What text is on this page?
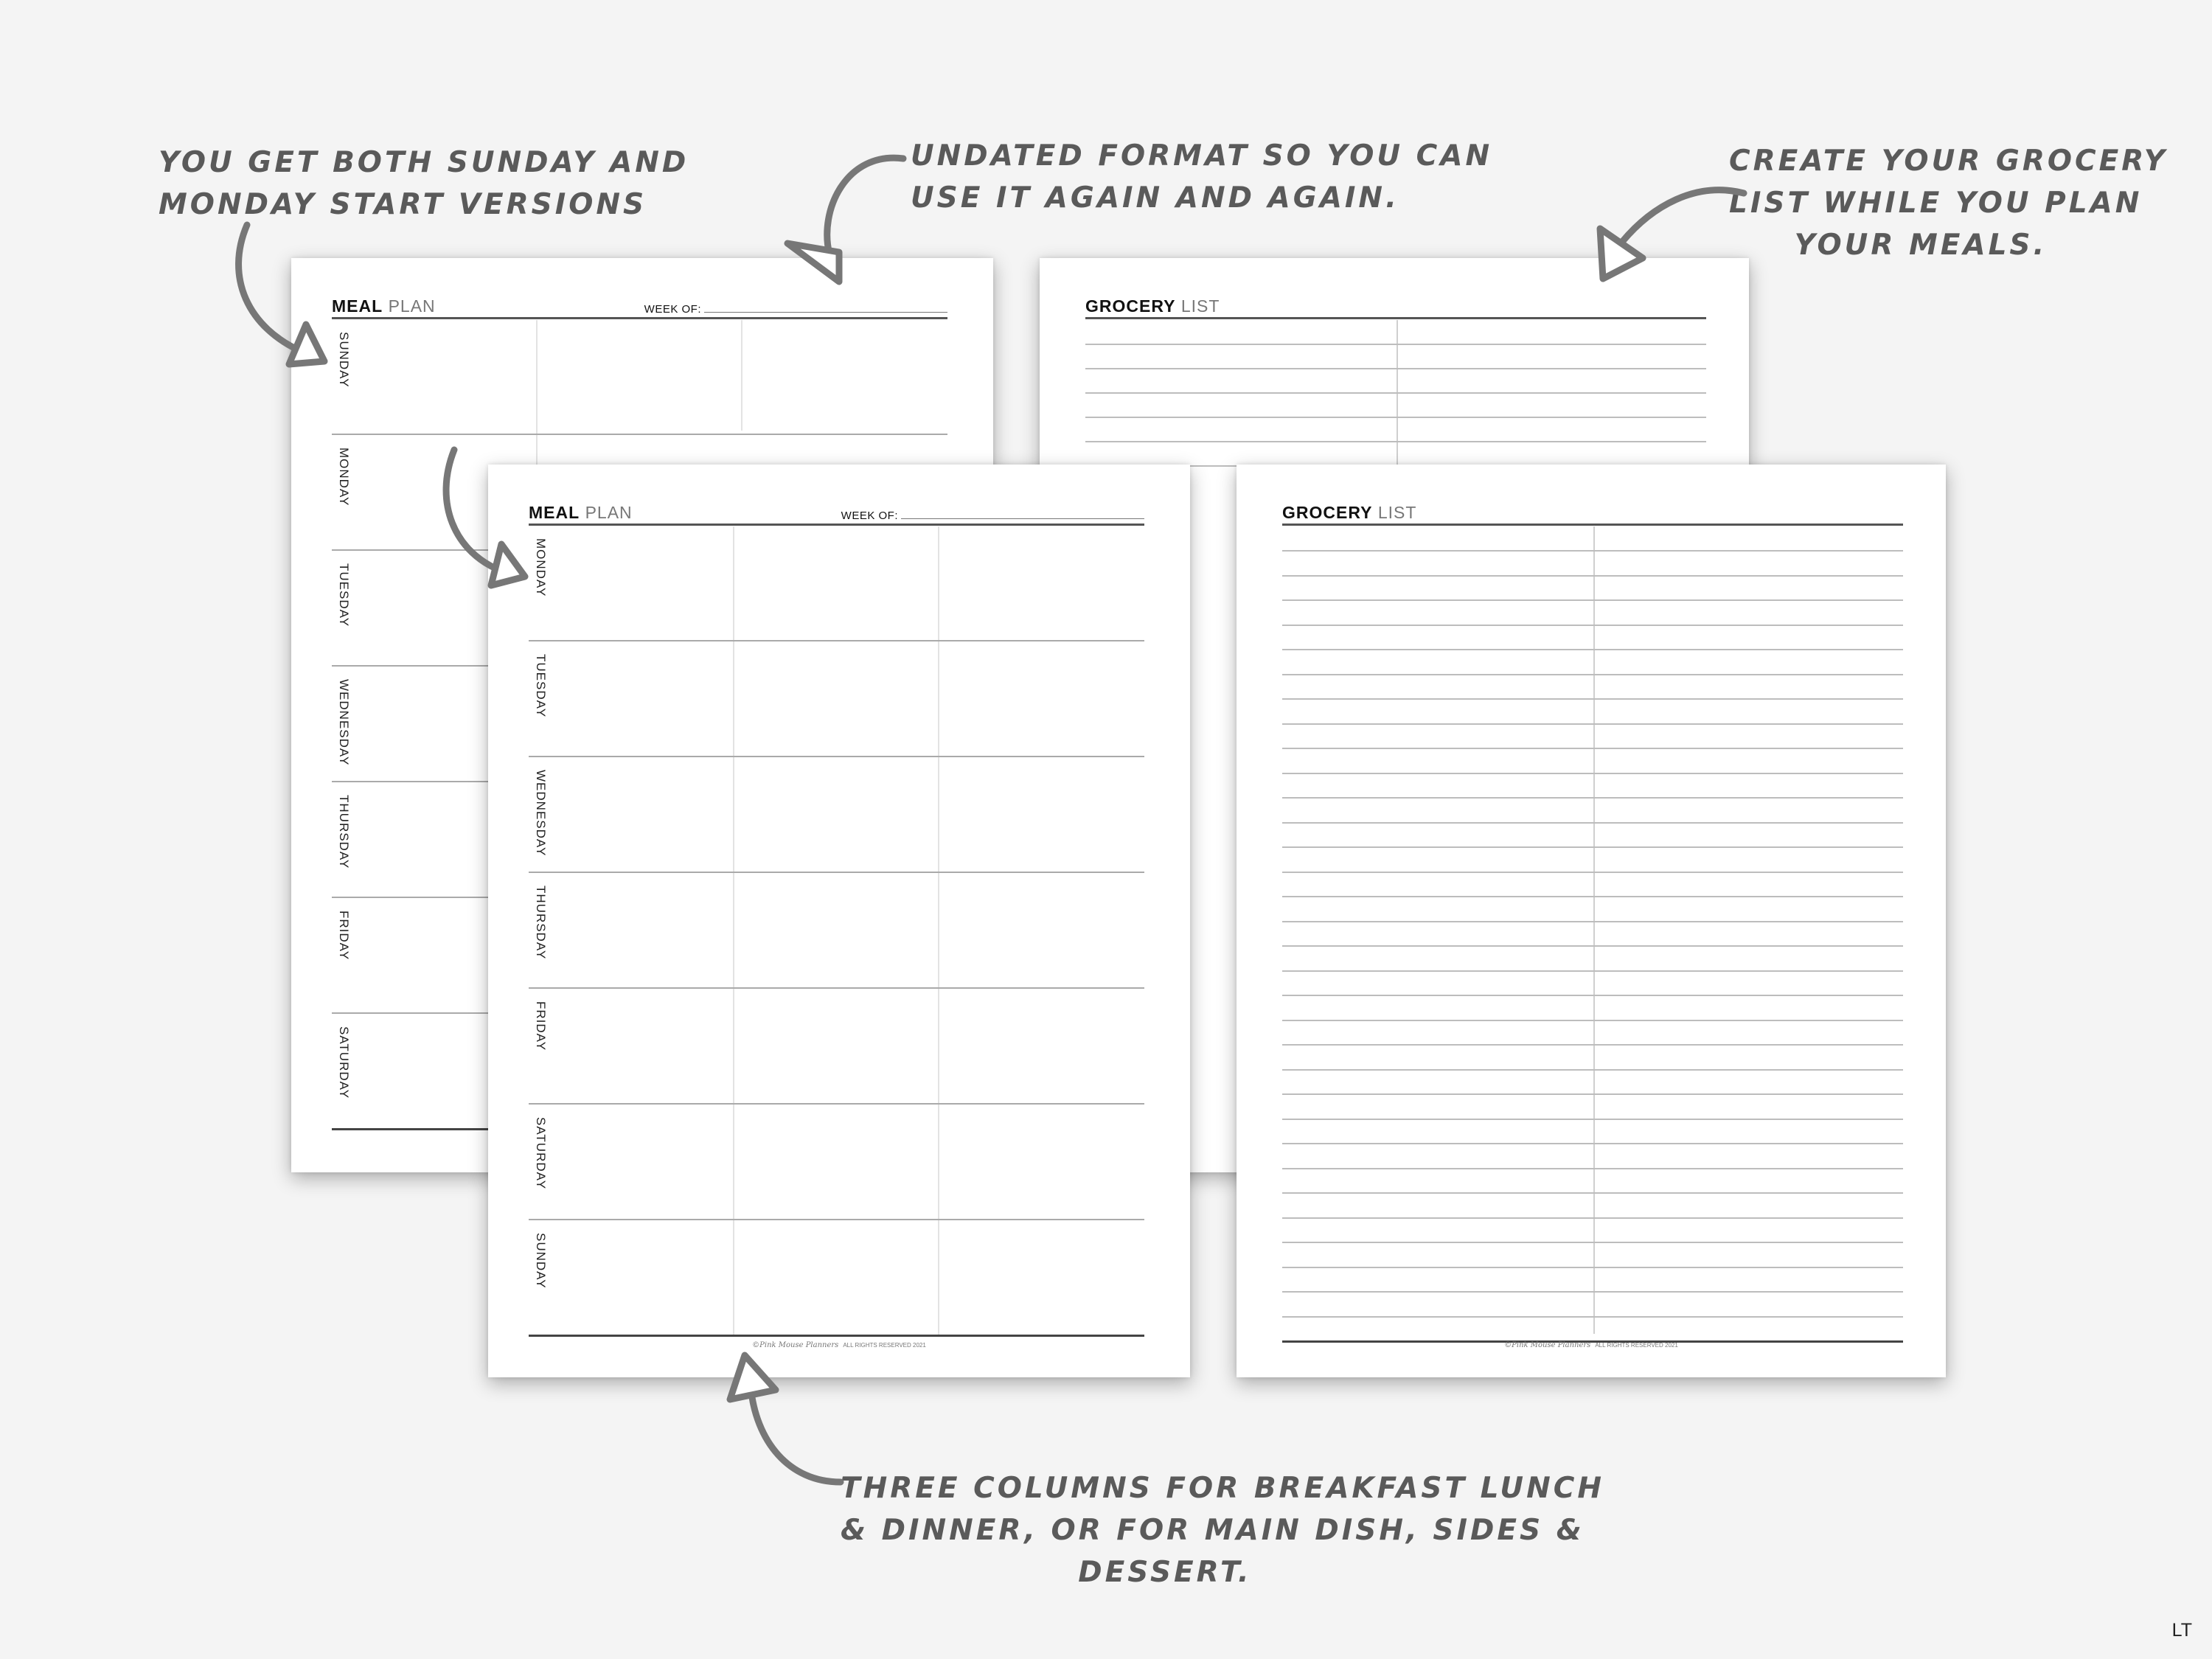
YOU GET BOTH SUNDAY AND
MONDAY START VERSIONS

UNDATED FORMAT SO YOU CAN
USE IT AGAIN AND AGAIN.

CREATE YOUR GROCERY
LIST WHILE YOU PLAN
YOUR MEALS.

THREE COLUMNS FOR BREAKFAST LUNCH
& DINNER, OR FOR MAIN DISH, SIDES &
DESSERT.

MEAL PLAN	WEEK OF:
SUNDAY
MONDAY
TUESDAY
WEDNESDAY
THURSDAY
FRIDAY
SATURDAY
GROCERY LIST
MEAL PLAN	WEEK OF:
MONDAY
TUESDAY
WEDNESDAY
THURSDAY
FRIDAY
SATURDAY
SUNDAY
©Pink Mouse Planners ALL RIGHTS RESERVED 2021
GROCERY LIST
©Pink Mouse Planners ALL RIGHTS RESERVED 2021
LT
